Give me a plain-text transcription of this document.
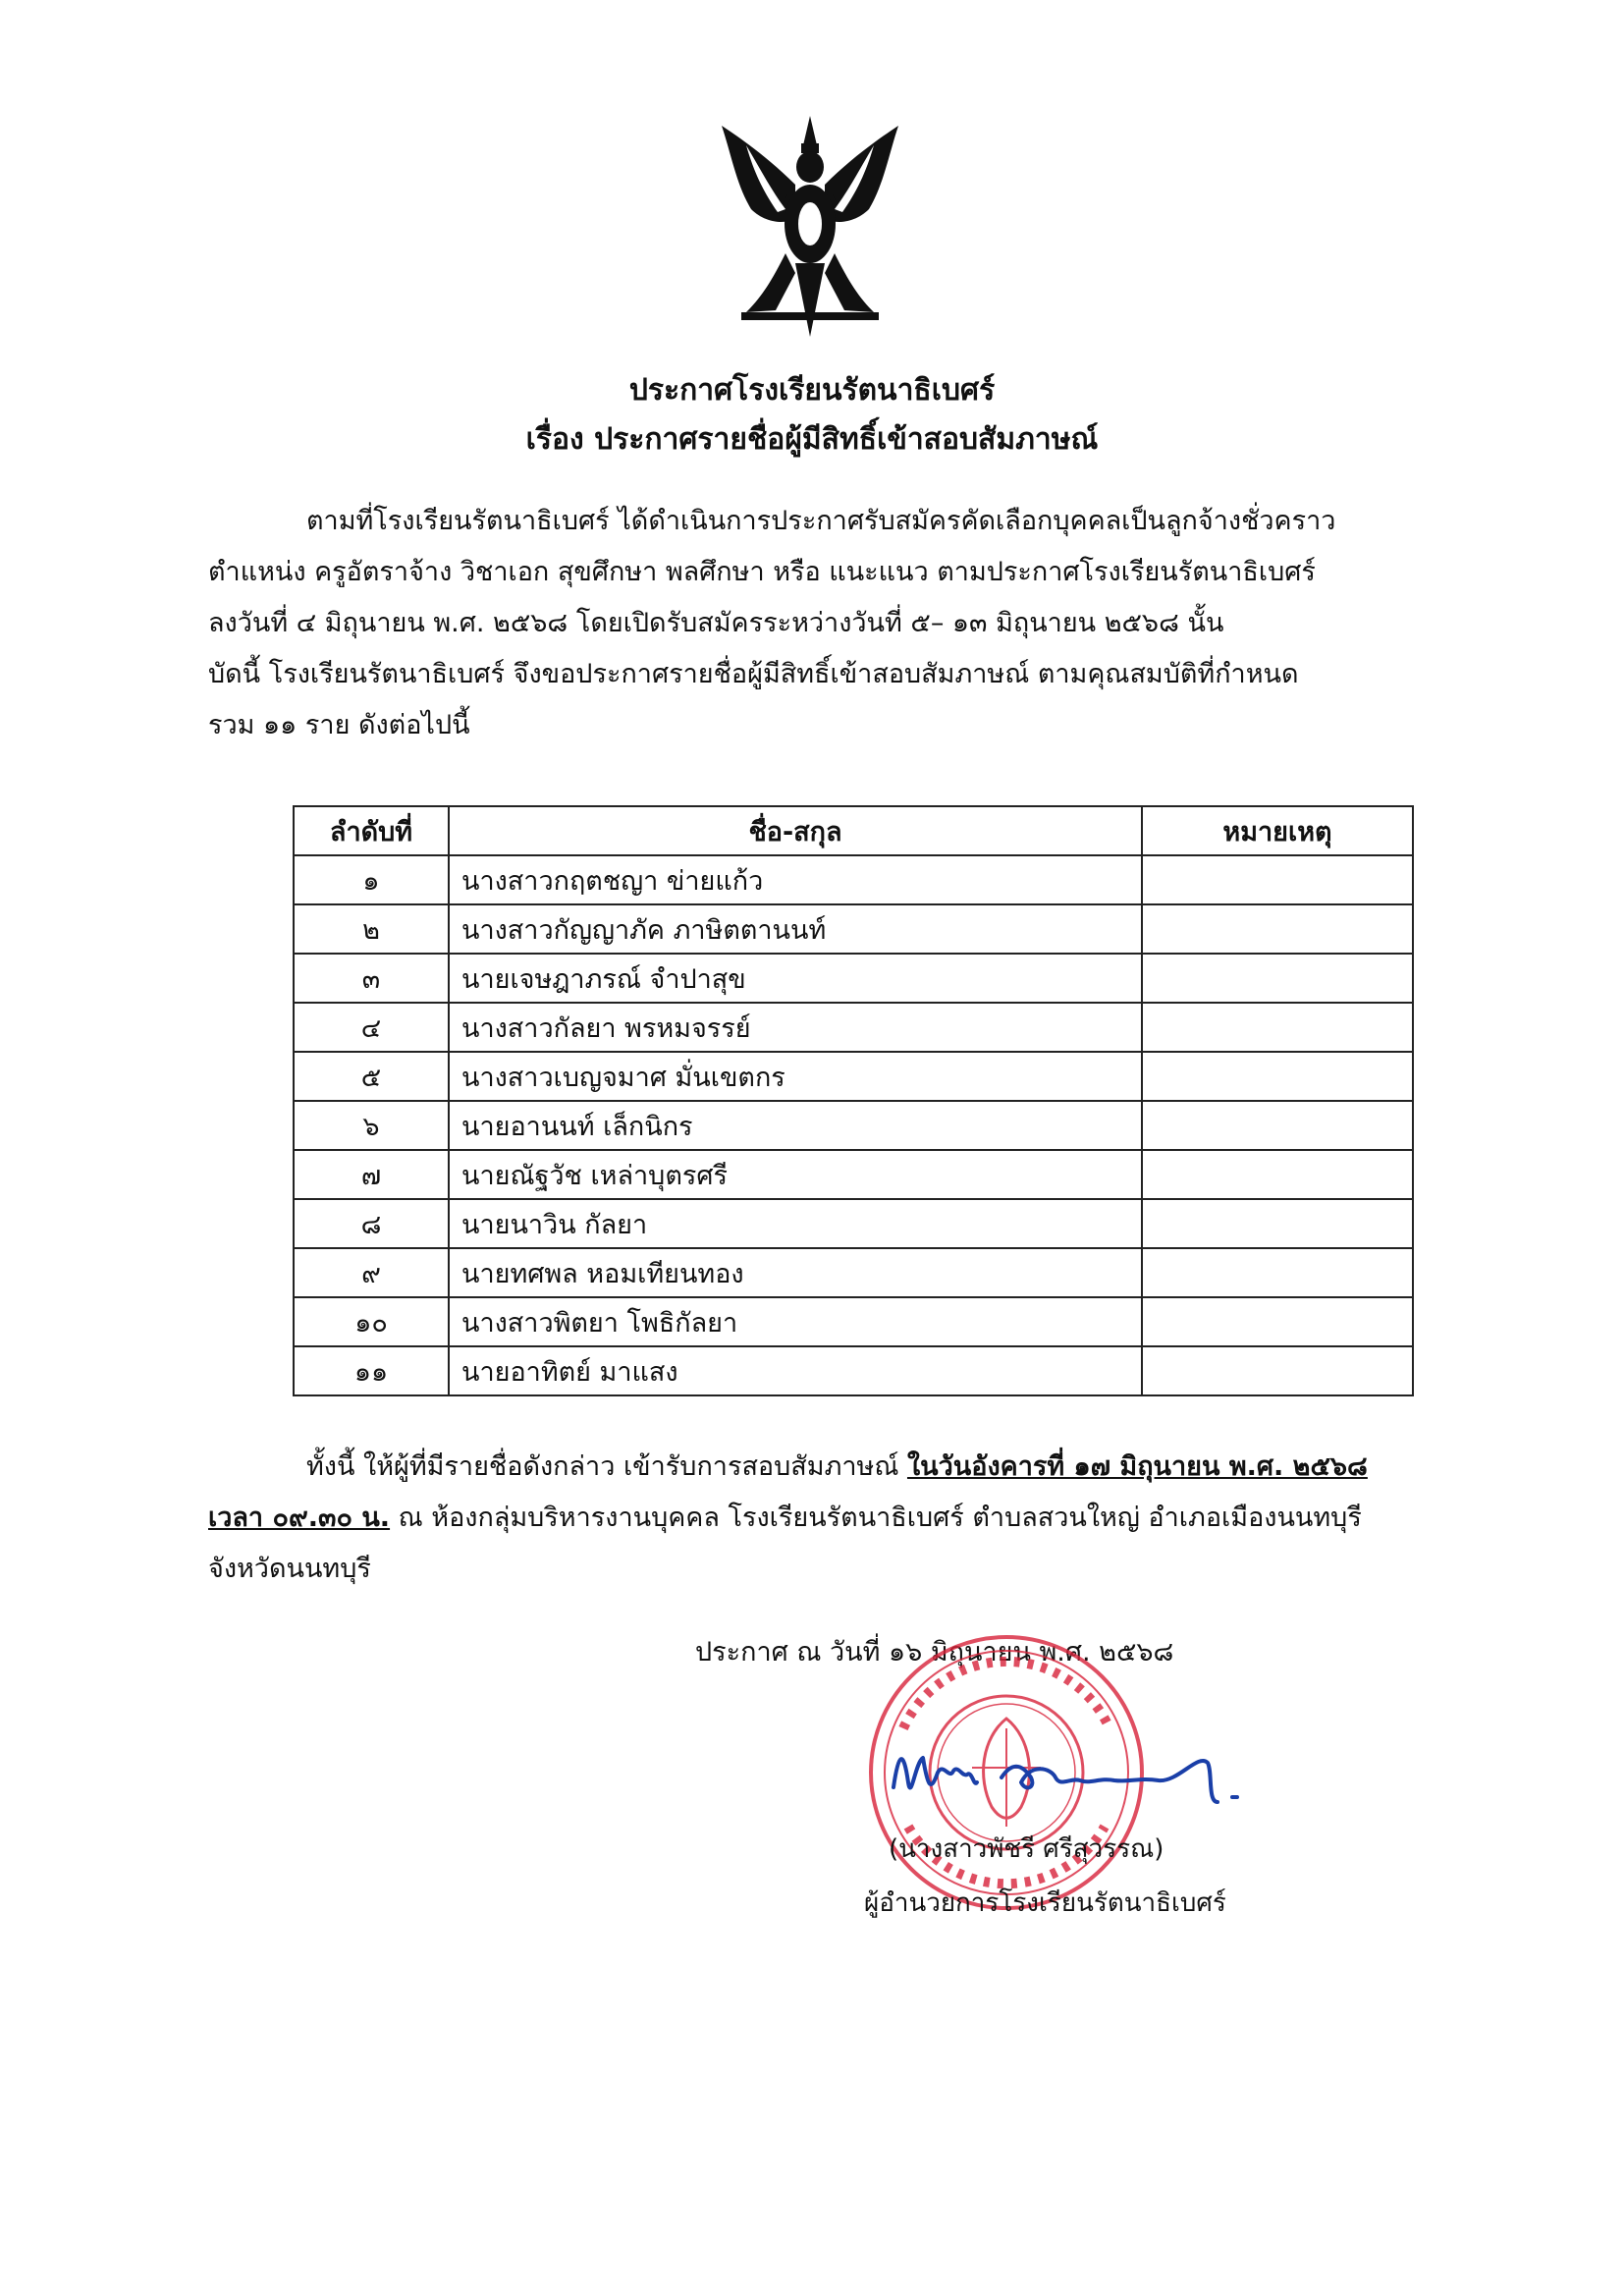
ประกาศโรงเรียนรัตนาธิเบศร์
เรื่อง ประกาศรายชื่อผู้มีสิทธิ์เข้าสอบสัมภาษณ์
ตามที่โรงเรียนรัตนาธิเบศร์ ได้ดำเนินการประกาศรับสมัครคัดเลือกบุคคลเป็นลูกจ้างชั่วคราว
ตำแหน่ง ครูอัตราจ้าง วิชาเอก สุขศึกษา พลศึกษา หรือ แนะแนว ตามประกาศโรงเรียนรัตนาธิเบศร์
ลงวันที่ ๔ มิถุนายน พ.ศ. ๒๕๖๘ โดยเปิดรับสมัครระหว่างวันที่ ๕– ๑๓ มิถุนายน ๒๕๖๘ นั้น
บัดนี้ โรงเรียนรัตนาธิเบศร์ จึงขอประกาศรายชื่อผู้มีสิทธิ์เข้าสอบสัมภาษณ์ ตามคุณสมบัติที่กำหนด
รวม ๑๑ ราย ดังต่อไปนี้
ลำดับที่	ชื่อ-สกุล	หมายเหตุ
๑	นางสาวกฤตชญา ข่ายแก้ว	
๒	นางสาวกัญญาภัค ภาษิตตานนท์	
๓	นายเจษฎาภรณ์ จำปาสุข	
๔	นางสาวกัลยา พรหมจรรย์	
๕	นางสาวเบญจมาศ มั่นเขตกร	
๖	นายอานนท์ เล็กนิกร	
๗	นายณัฐวัช เหล่าบุตรศรี	
๘	นายนาวิน กัลยา	
๙	นายทศพล หอมเทียนทอง	
๑๐	นางสาวพิตยา โพธิกัลยา	
๑๑	นายอาทิตย์ มาแสง	
ทั้งนี้ ให้ผู้ที่มีรายชื่อดังกล่าว เข้ารับการสอบสัมภาษณ์ ในวันอังคารที่ ๑๗ มิถุนายน พ.ศ. ๒๕๖๘
เวลา ๐๙.๓๐ น. ณ ห้องกลุ่มบริหารงานบุคคล โรงเรียนรัตนาธิเบศร์ ตำบลสวนใหญ่ อำเภอเมืองนนทบุรี
จังหวัดนนทบุรี
ประกาศ ณ วันที่ ๑๖ มิถุนายน พ.ศ. ๒๕๖๘
(นางสาวพัชรี ศรีสุวรรณ)
ผู้อำนวยการโรงเรียนรัตนาธิเบศร์
